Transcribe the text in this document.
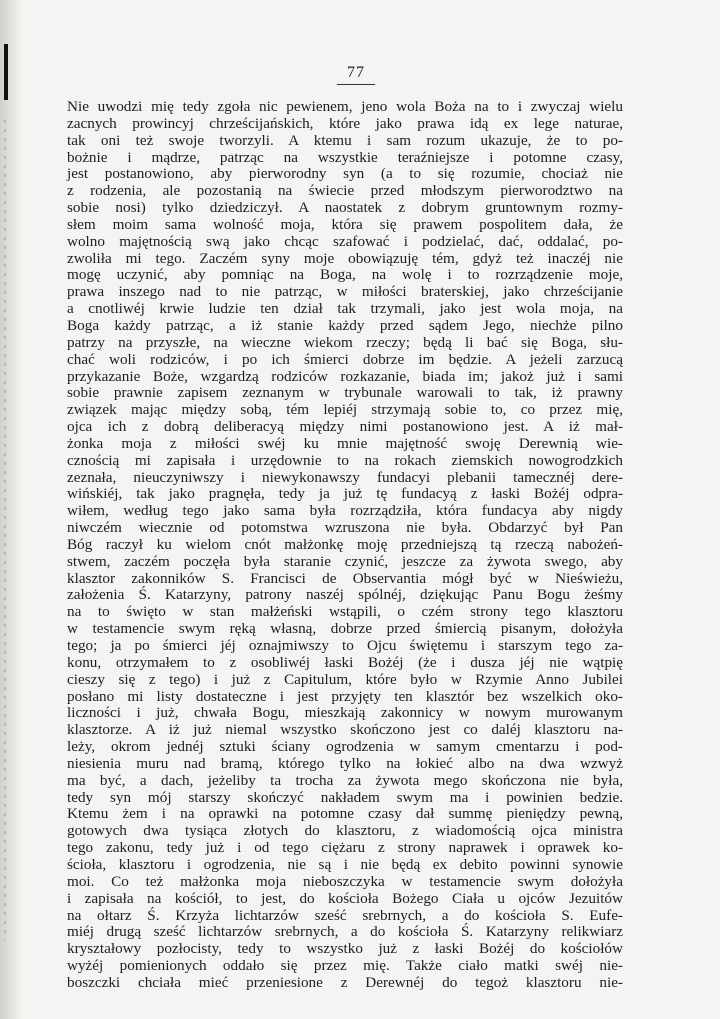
77
Nie uwodzi mię tedy zgoła nic pewienem, jeno wola Boża na to i zwyczaj wielu
zacnych prowincyj chrześcijańskich, które jako prawa idą ex lege naturae,
tak oni też swoje tworzyli. A ktemu i sam rozum ukazuje, że to po-
bożnie i mądrze, patrząc na wszystkie teraźniejsze i potomne czasy,
jest postanowiono, aby pierworodny syn (a to się rozumie, chociaż nie
z rodzenia, ale pozostanią na świecie przed młodszym pierworodztwo na
sobie nosi) tylko dziedziczył. A naostatek z dobrym gruntownym rozmy-
słem moim sama wolność moja, która się prawem pospolitem dała, że
wolno majętnością swą jako chcąc szafować i podzielać, dać, oddalać, po-
zwoliła mi tego. Zaczém syny moje obowiązuję tém, gdyż też inaczéj nie
mogę uczynić, aby pomniąc na Boga, na wolę i to rozrządzenie moje,
prawa inszego nad to nie patrząc, w miłości braterskiej, jako chrześcijanie
a cnotliwéj krwie ludzie ten dział tak trzymali, jako jest wola moja, na
Boga każdy patrząc, a iż stanie każdy przed sądem Jego, niechże pilno
patrzy na przyszłe, na wieczne wiekom rzeczy; będą li bać się Boga, słu-
chać woli rodziców, i po ich śmierci dobrze im będzie. A jeżeli zarzucą
przykazanie Boże, wzgardzą rodziców rozkazanie, biada im; jakoż już i sami
sobie prawnie zapisem zeznanym w trybunale warowali to tak, iż prawny
związek mając między sobą, tém lepiéj strzymają sobie to, co przez mię,
ojca ich z dobrą deliberacyą między nimi postanowiono jest. A iż mał-
żonka moja z miłości swéj ku mnie majętność swoję Derewnią wie-
cznością mi zapisała i urzędownie to na rokach ziemskich nowogrodzkich
zeznała, nieuczyniwszy i niewykonawszy fundacyi plebanii tamecznéj dere-
wińskiéj, tak jako pragnęła, tedy ja już tę fundacyą z łaski Bożéj odpra-
wiłem, według tego jako sama była rozrządziła, która fundacya aby nigdy
niwczém wiecznie od potomstwa wzruszona nie była. Obdarzyć był Pan
Bóg raczył ku wielom cnót małżonkę moję przedniejszą tą rzeczą nabożeń-
stwem, zaczém poczęła była staranie czynić, jeszcze za żywota swego, aby
klasztor zakonników S. Francisci de Observantia mógł być w Nieświeżu,
założenia Ś. Katarzyny, patrony naszéj spólnéj, dziękując Panu Bogu żeśmy
na to święto w stan małżeński wstąpili, o czém strony tego klasztoru
w testamencie swym ręką własną, dobrze przed śmiercią pisanym, dołożyła
tego; ja po śmierci jéj oznajmiwszy to Ojcu świętemu i starszym tego za-
konu, otrzymałem to z osobliwéj łaski Bożéj (że i dusza jéj nie wątpię
cieszy się z tego) i już z Capitulum, które było w Rzymie Anno Jubilei
posłano mi listy dostateczne i jest przyjęty ten klasztór bez wszelkich oko-
liczności i już, chwała Bogu, mieszkają zakonnicy w nowym murowanym
klasztorze. A iż już niemal wszystko skończono jest co daléj klasztoru na-
leży, okrom jednéj sztuki ściany ogrodzenia w samym cmentarzu i pod-
niesienia muru nad bramą, którego tylko na łokieć albo na dwa wzwyż
ma być, a dach, jeżeliby ta trocha za żywota mego skończona nie była,
tedy syn mój starszy skończyć nakładem swym ma i powinien bedzie.
Ktemu żem i na oprawki na potomne czasy dał summę pieniędzy pewną,
gotowych dwa tysiąca złotych do klasztoru, z wiadomością ojca ministra
tego zakonu, tedy już i od tego ciężaru z strony naprawek i oprawek ko-
ścioła, klasztoru i ogrodzenia, nie są i nie będą ex debito powinni synowie
moi. Co też małżonka moja nieboszczyka w testamencie swym dołożyła
i zapisała na kościół, to jest, do kościoła Bożego Ciała u ojców Jezuitów
na ołtarz Ś. Krzyża lichtarzów sześć srebrnych, a do kościoła S. Eufe-
miéj drugą sześć lichtarzów srebrnych, a do kościoła Ś. Katarzyny relikwiarz
kryształowy pozłocisty, tedy to wszystko już z łaski Bożéj do kościołów
wyżéj pomienionych oddało się przez mię. Także ciało matki swéj nie-
boszczki chciała mieć przeniesione z Derewnéj do tegoż klasztoru nie-
